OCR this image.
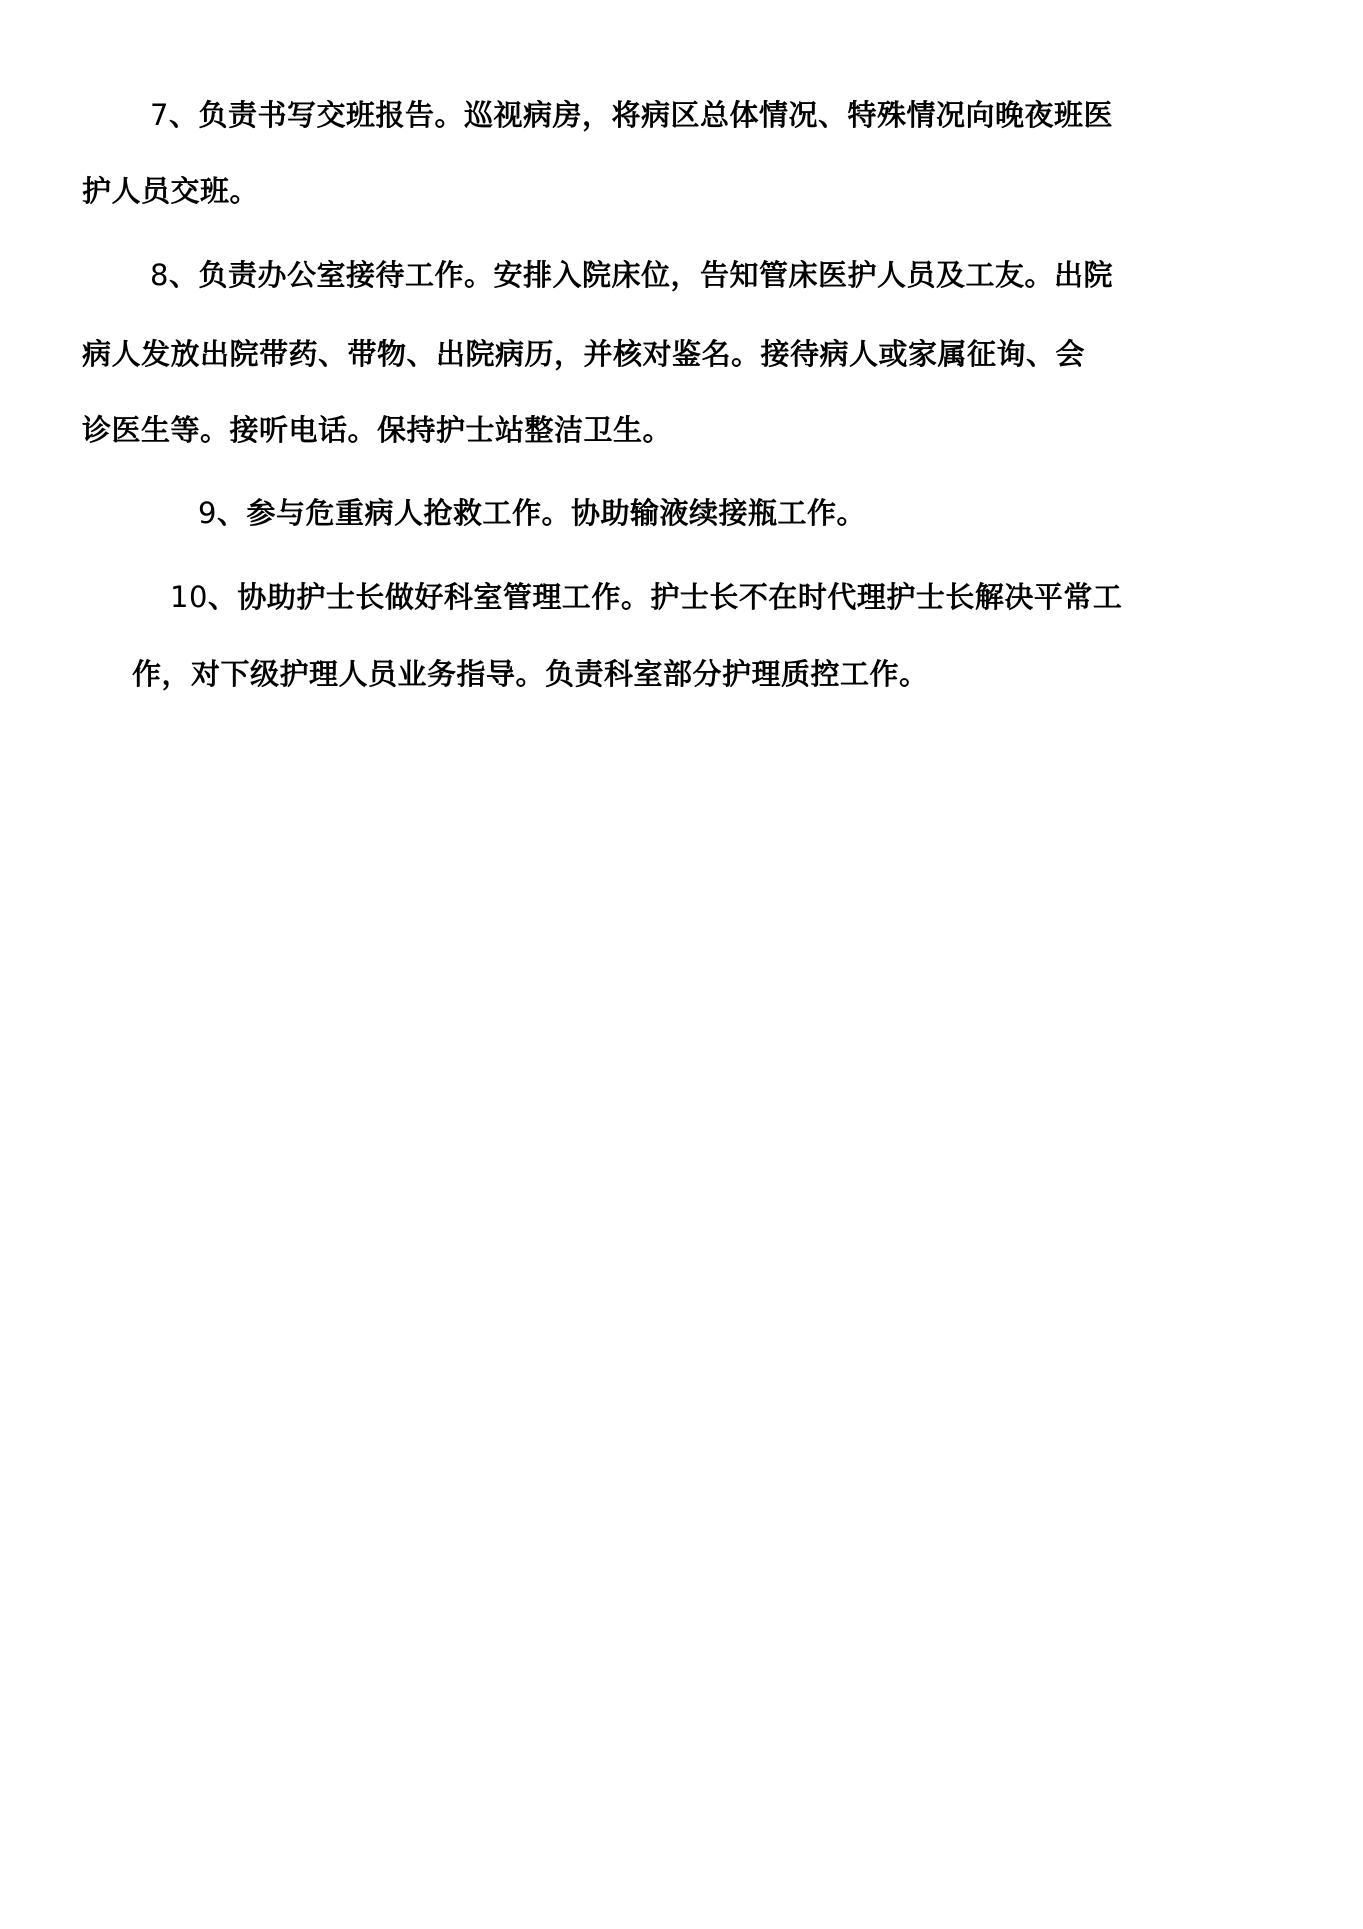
7、负责书写交班报告。巡视病房，将病区总体情况、特殊情况向晚夜班医
护人员交班。
8、负责办公室接待工作。安排入院床位，告知管床医护人员及工友。出院
病人发放出院带药、带物、出院病历，并核对鉴名。接待病人或家属征询、会
诊医生等。接听电话。保持护士站整洁卫生。
9、参与危重病人抢救工作。协助输液续接瓶工作。
10、协助护士长做好科室管理工作。护士长不在时代理护士长解决平常工
作，对下级护理人员业务指导。负责科室部分护理质控工作。
